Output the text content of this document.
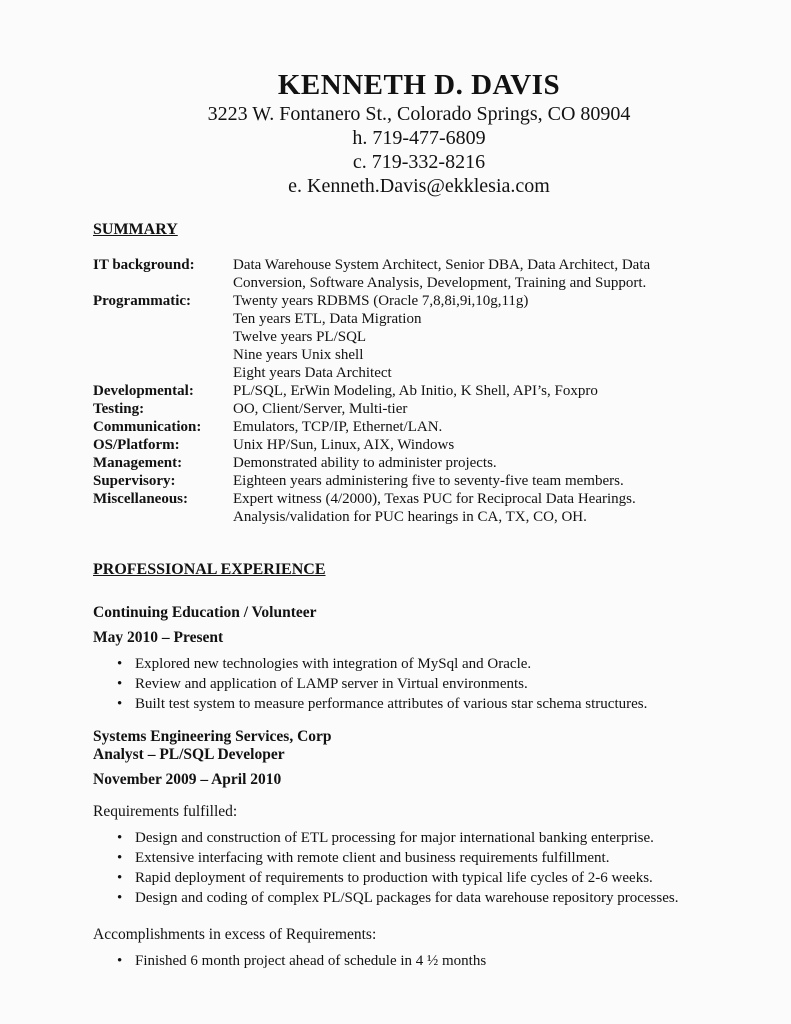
KENNETH D. DAVIS
3223 W. Fontanero St., Colorado Springs, CO 80904
h. 719-477-6809
c. 719-332-8216
e. Kenneth.Davis@ekklesia.com
SUMMARY
IT background:	Data Warehouse System Architect, Senior DBA, Data Architect, Data
Conversion, Software Analysis, Development, Training and Support.
Programmatic:	Twenty years RDBMS (Oracle 7,8,8i,9i,10g,11g)
Ten years ETL, Data Migration
Twelve years PL/SQL
Nine years Unix shell
Eight years Data Architect
Developmental:	PL/SQL, ErWin Modeling, Ab Initio, K Shell, API’s, Foxpro
Testing:	OO, Client/Server, Multi-tier
Communication:	Emulators, TCP/IP, Ethernet/LAN.
OS/Platform:	Unix HP/Sun, Linux, AIX, Windows
Management:	Demonstrated ability to administer projects.
Supervisory:	Eighteen years administering five to seventy-five team members.
Miscellaneous:	Expert witness (4/2000), Texas PUC for Reciprocal Data Hearings.
Analysis/validation for PUC hearings in CA, TX, CO, OH.
PROFESSIONAL EXPERIENCE
Continuing Education / Volunteer
May 2010 – Present
•
Explored new technologies with integration of MySql and Oracle.
•
Review and application of LAMP server in Virtual environments.
•
Built test system to measure performance attributes of various star schema structures.
Systems Engineering Services, Corp
Analyst – PL/SQL Developer
November 2009 – April 2010
Requirements fulfilled:
•
Design and construction of ETL processing for major international banking enterprise.
•
Extensive interfacing with remote client and business requirements fulfillment.
•
Rapid deployment of requirements to production with typical life cycles of 2-6 weeks.
•
Design and coding of complex PL/SQL packages for data warehouse repository processes.
Accomplishments in excess of Requirements:
•
Finished 6 month project ahead of schedule in 4 ½ months
